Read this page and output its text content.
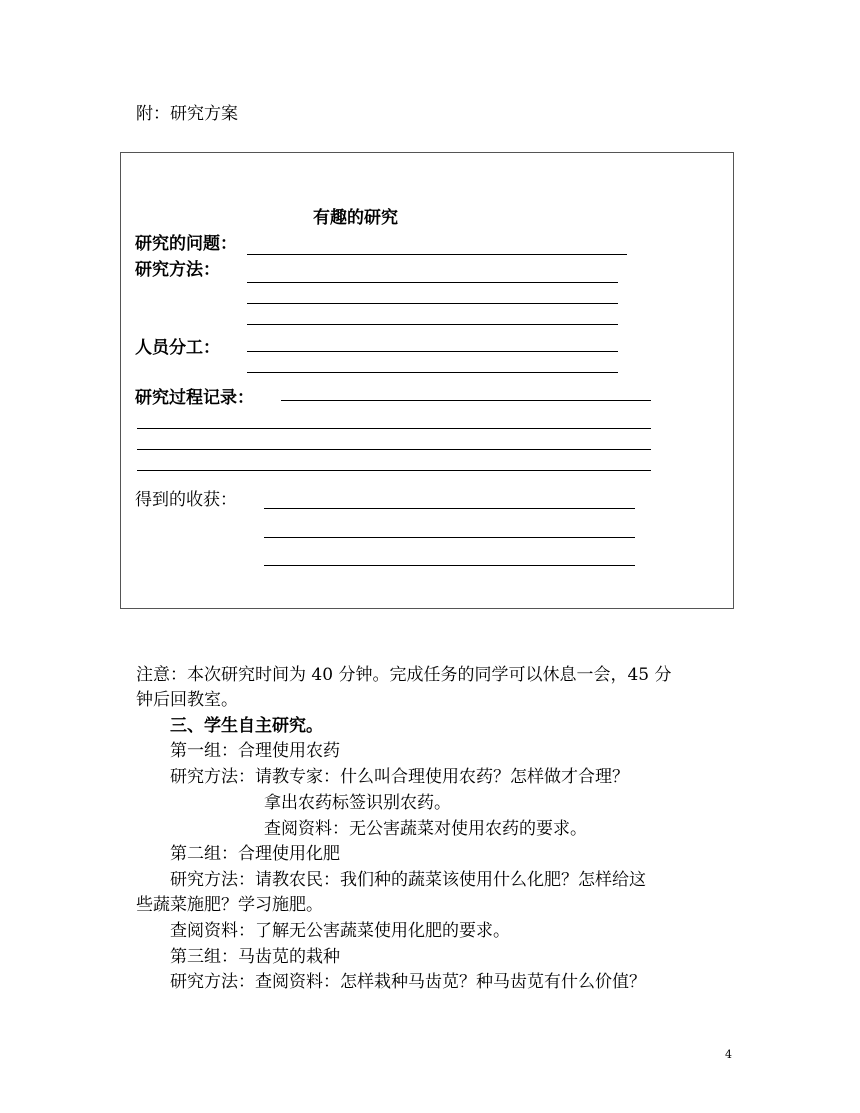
附：研究方案
有趣的研究
研究的问题：
研究方法：
人员分工：
研究过程记录：
得到的收获：
注意：本次研究时间为 40 分钟。完成任务的同学可以休息一会，45 分
钟后回教室。
三、学生自主研究。
第一组：合理使用农药
研究方法：请教专家：什么叫合理使用农药？怎样做才合理？
拿出农药标签识别农药。
查阅资料：无公害蔬菜对使用农药的要求。
第二组：合理使用化肥
研究方法：请教农民：我们种的蔬菜该使用什么化肥？怎样给这
些蔬菜施肥？学习施肥。
查阅资料：了解无公害蔬菜使用化肥的要求。
第三组：马齿苋的栽种
研究方法：查阅资料：怎样栽种马齿苋？种马齿苋有什么价值？
4
